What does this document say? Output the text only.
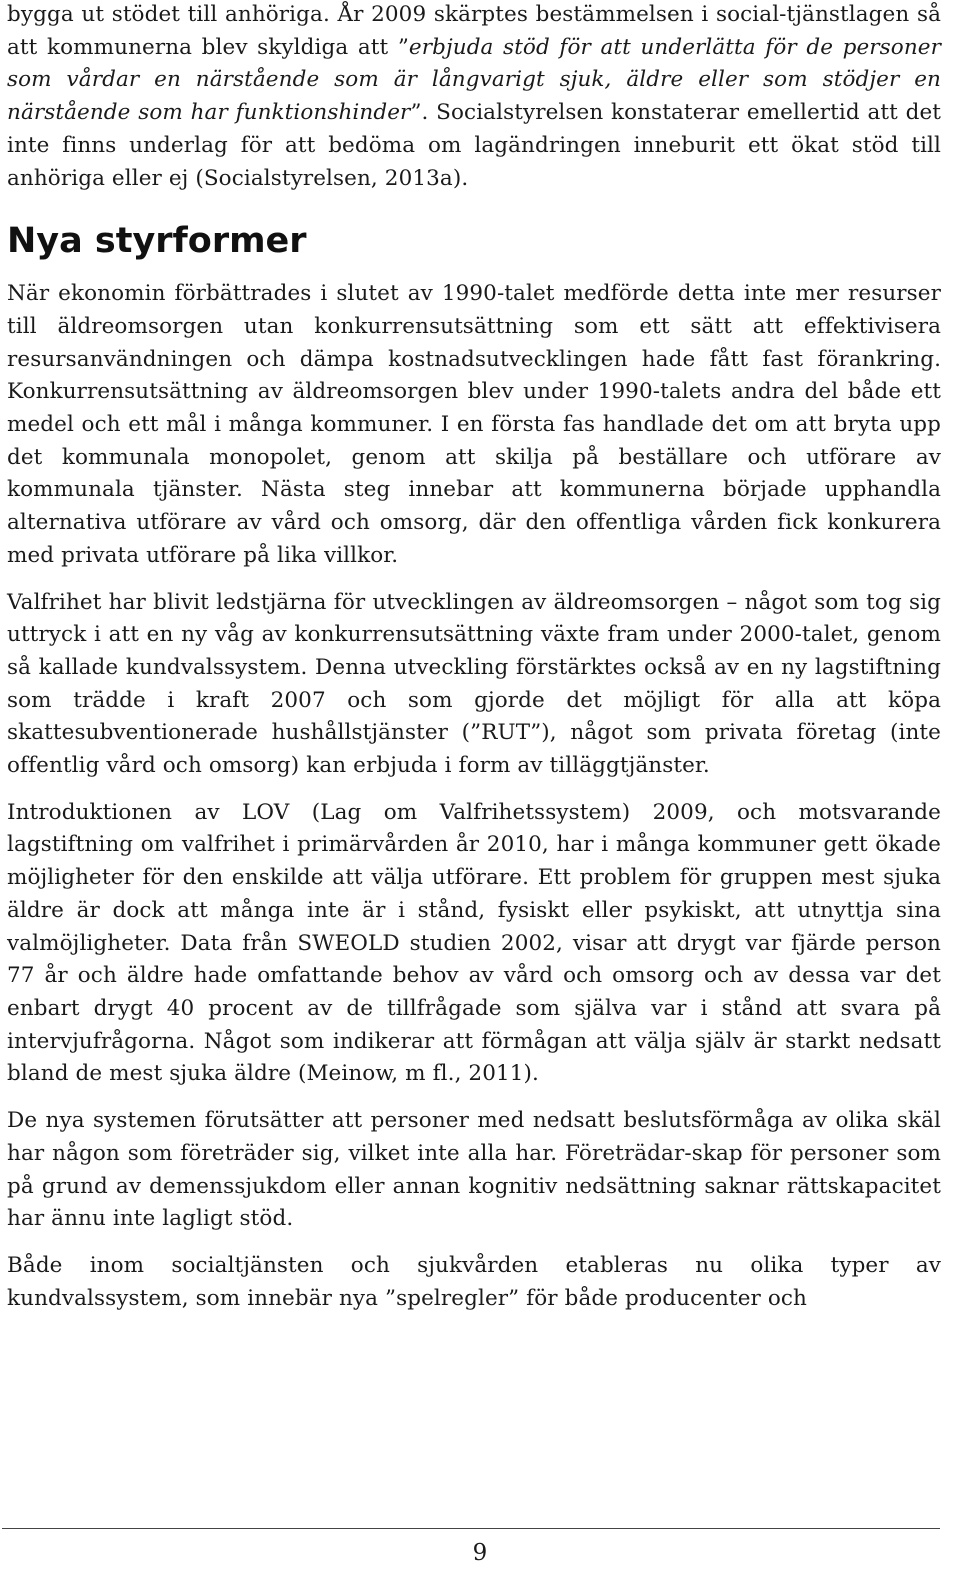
bygga ut stödet till anhöriga. År 2009 skärptes bestämmelsen i social-tjänstlagen så att kommunerna blev skyldiga att ”erbjuda stöd för att underlätta för de personer som vårdar en närstående som är långvarigt sjuk, äldre eller som stödjer en närstående som har funktionshinder”. Socialstyrelsen konstaterar emellertid att det inte finns underlag för att bedöma om lagändringen inneburit ett ökat stöd till anhöriga eller ej (Socialstyrelsen, 2013a).

Nya styrformer

När ekonomin förbättrades i slutet av 1990-talet medförde detta inte mer resurser till äldreomsorgen utan konkurrensutsättning som ett sätt att effektivisera resursanvändningen och dämpa kostnadsutvecklingen hade fått fast förankring. Konkurrensutsättning av äldreomsorgen blev under 1990-talets andra del både ett medel och ett mål i många kommuner. I en första fas handlade det om att bryta upp det kommunala monopolet, genom att skilja på beställare och utförare av kommunala tjänster. Nästa steg innebar att kommunerna började upphandla alternativa utförare av vård och omsorg, där den offentliga vården fick konkurera med privata utförare på lika villkor.

Valfrihet har blivit ledstjärna för utvecklingen av äldreomsorgen – något som tog sig uttryck i att en ny våg av konkurrensutsättning växte fram under 2000-talet, genom så kallade kundvalssystem. Denna utveckling förstärktes också av en ny lagstiftning som trädde i kraft 2007 och som gjorde det möjligt för alla att köpa skattesubventionerade hushållstjänster (”RUT”), något som privata företag (inte offentlig vård och omsorg) kan erbjuda i form av tilläggtjänster.

Introduktionen av LOV (Lag om Valfrihetssystem) 2009, och motsvarande lagstiftning om valfrihet i primärvården år 2010, har i många kommuner gett ökade möjligheter för den enskilde att välja utförare. Ett problem för gruppen mest sjuka äldre är dock att många inte är i stånd, fysiskt eller psykiskt, att utnyttja sina valmöjligheter. Data från SWEOLD studien 2002, visar att drygt var fjärde person 77 år och äldre hade omfattande behov av vård och omsorg och av dessa var det enbart drygt 40 procent av de tillfrågade som själva var i stånd att svara på intervjufrågorna. Något som indikerar att förmågan att välja själv är starkt nedsatt bland de mest sjuka äldre (Meinow, m fl., 2011).

De nya systemen förutsätter att personer med nedsatt beslutsförmåga av olika skäl har någon som företräder sig, vilket inte alla har. Företrädar-skap för personer som på grund av demenssjukdom eller annan kognitiv nedsättning saknar rättskapacitet har ännu inte lagligt stöd.

Både inom socialtjänsten och sjukvården etableras nu olika typer av kundvalssystem, som innebär nya ”spelregler” för både producenter och

9
